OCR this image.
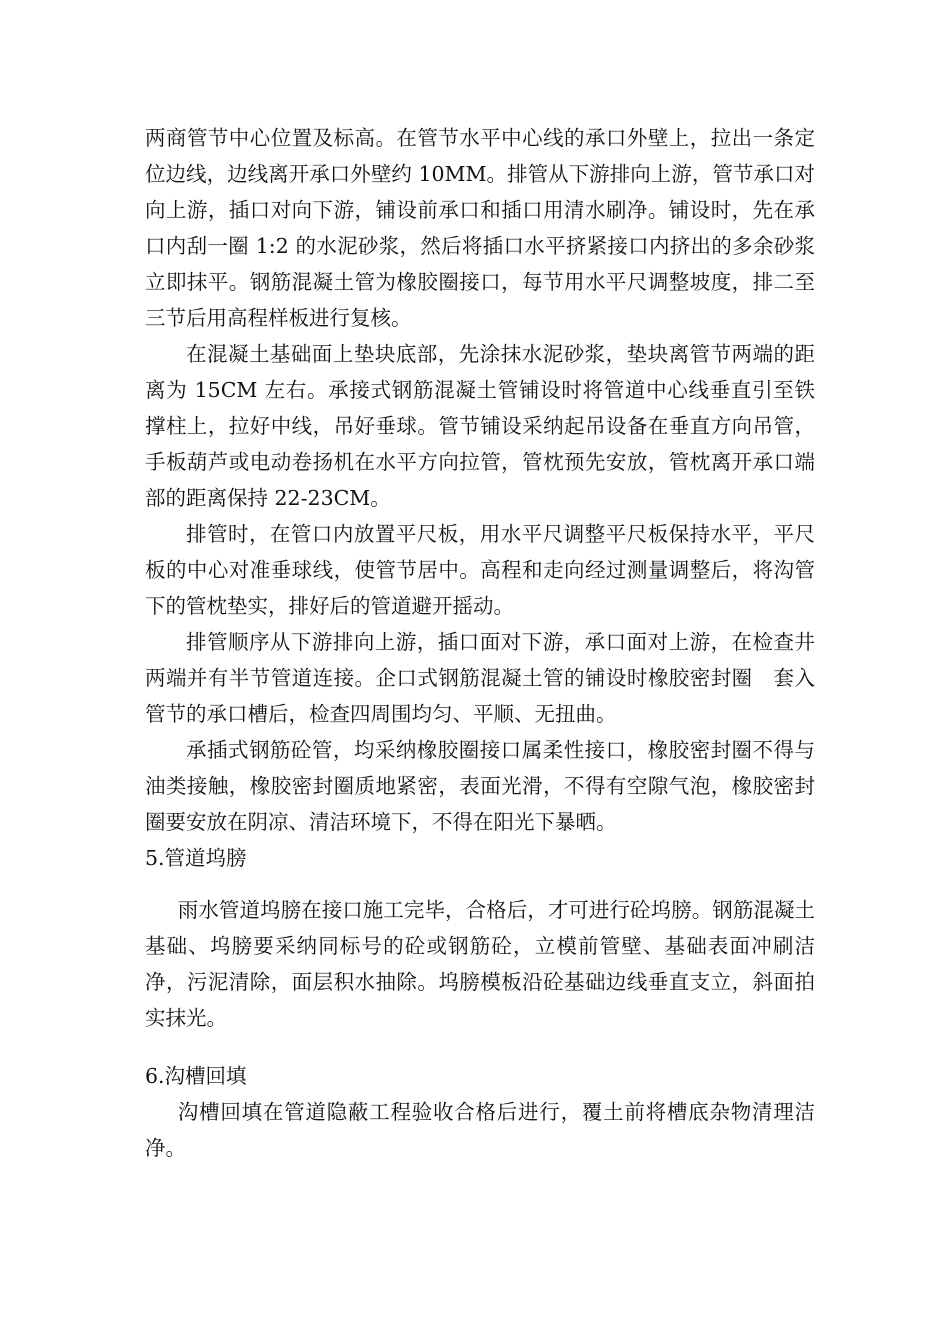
两商管节中心位置及标高。在管节水平中心线的承口外壁上，拉出一条定位边线，边线离开承口外壁约 10MM。排管从下游排向上游，管节承口对向上游，插口对向下游，铺设前承口和插口用清水刷净。铺设时，先在承口内刮一圈 1:2 的水泥砂浆，然后将插口水平挤紧接口内挤出的多余砂浆立即抹平。钢筋混凝土管为橡胶圈接口，每节用水平尺调整坡度，排二至三节后用高程样板进行复核。

在混凝土基础面上垫块底部，先涂抹水泥砂浆，垫块离管节两端的距离为 15CM 左右。承接式钢筋混凝土管铺设时将管道中心线垂直引至铁撑柱上，拉好中线，吊好垂球。管节铺设采纳起吊设备在垂直方向吊管，手板葫芦或电动卷扬机在水平方向拉管，管枕预先安放，管枕离开承口端部的距离保持 22-23CM。

排管时，在管口内放置平尺板，用水平尺调整平尺板保持水平，平尺板的中心对准垂球线，使管节居中。高程和走向经过测量调整后，将沟管下的管枕垫实，排好后的管道避开摇动。

排管顺序从下游排向上游，插口面对下游，承口面对上游，在检查井两端并有半节管道连接。企口式钢筋混凝土管的铺设时橡胶密封圈　套入管节的承口槽后，检查四周围均匀、平顺、无扭曲。

承插式钢筋砼管，均采纳橡胶圈接口属柔性接口，橡胶密封圈不得与油类接触，橡胶密封圈质地紧密，表面光滑，不得有空隙气泡，橡胶密封圈要安放在阴凉、清洁环境下，不得在阳光下暴晒。

5.管道坞膀

雨水管道坞膀在接口施工完毕，合格后，才可进行砼坞膀。钢筋混凝土基础、坞膀要采纳同标号的砼或钢筋砼，立模前管壁、基础表面冲刷洁净，污泥清除，面层积水抽除。坞膀模板沿砼基础边线垂直支立，斜面拍实抹光。

6.沟槽回填

沟槽回填在管道隐蔽工程验收合格后进行，覆土前将槽底杂物清理洁净。
